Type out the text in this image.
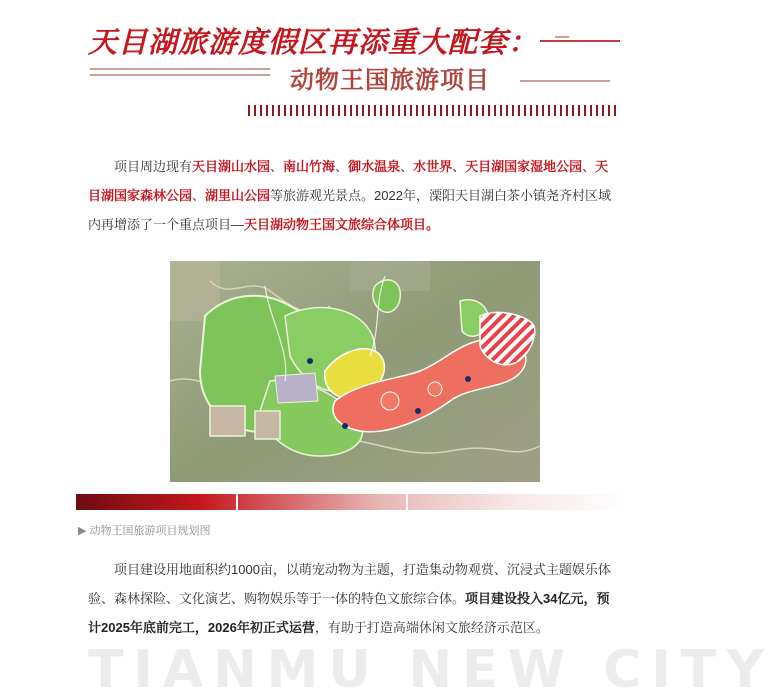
天目湖旅游度假区再添重大配套：
动物王国旅游项目

项目周边现有天目湖山水园、南山竹海、御水温泉、水世界、天目湖国家湿地公园、天目湖国家森林公园、湖里山公园等旅游观光景点。2022年，溧阳天目湖白茶小镇尧齐村区域内再增添了一个重点项目—天目湖动物王国文旅综合体项目。

▶ 动物王国旅游项目规划图

项目建设用地面积约1000亩，以萌宠动物为主题，打造集动物观赏、沉浸式主题娱乐体验、森林探险、文化演艺、购物娱乐等于一体的特色文旅综合体。项目建设投入34亿元，预计2025年底前完工，2026年初正式运营，有助于打造高端休闲文旅经济示范区。

TIANMU NEW CITY
